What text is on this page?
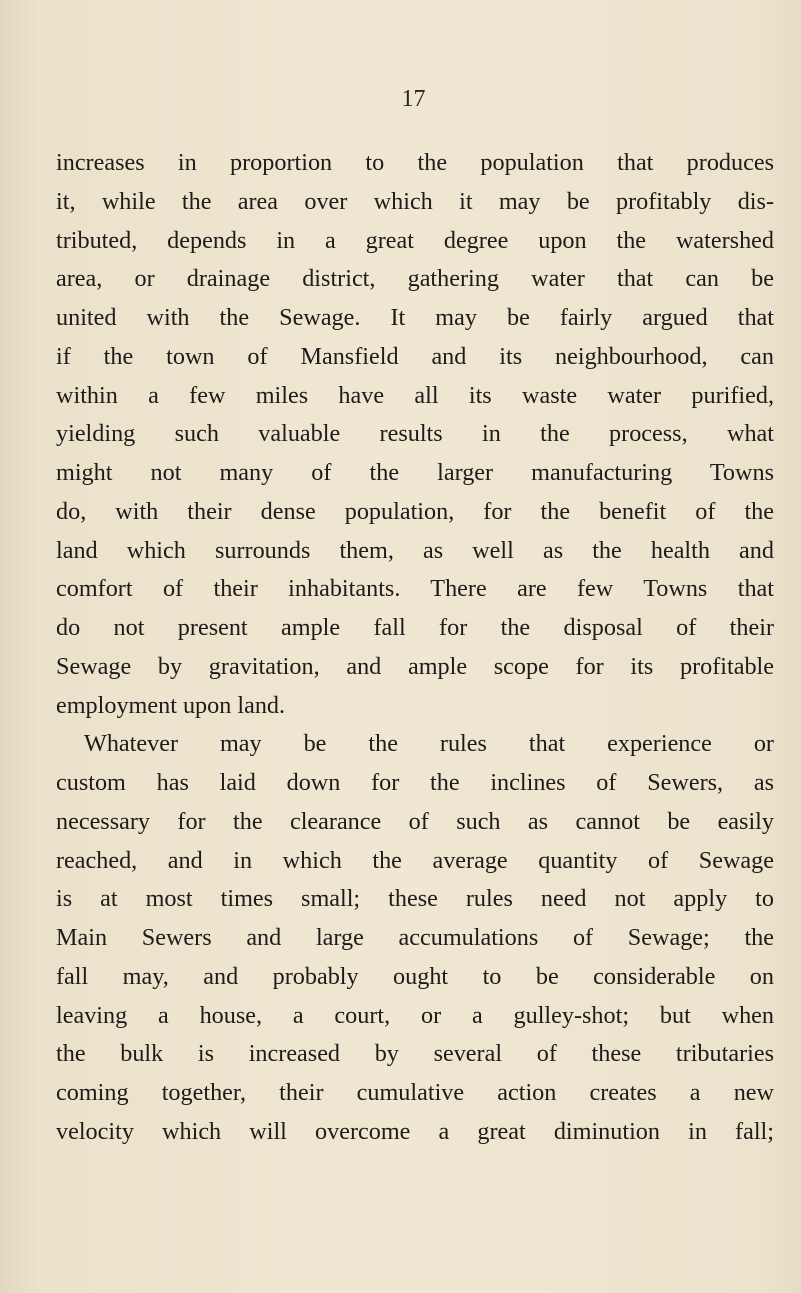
17
increases in proportion to the population that produces
it, while the area over which it may be profitably dis-
tributed, depends in a great degree upon the watershed
area, or drainage district, gathering water that can be
united with the Sewage. It may be fairly argued that
if the town of Mansfield and its neighbourhood, can
within a few miles have all its waste water purified,
yielding such valuable results in the process, what
might not many of the larger manufacturing Towns
do, with their dense population, for the benefit of the
land which surrounds them, as well as the health and
comfort of their inhabitants. There are few Towns that
do not present ample fall for the disposal of their
Sewage by gravitation, and ample scope for its profitable
employment upon land.
Whatever may be the rules that experience or
custom has laid down for the inclines of Sewers, as
necessary for the clearance of such as cannot be easily
reached, and in which the average quantity of Sewage
is at most times small; these rules need not apply to
Main Sewers and large accumulations of Sewage; the
fall may, and probably ought to be considerable on
leaving a house, a court, or a gulley-shot; but when
the bulk is increased by several of these tributaries
coming together, their cumulative action creates a new
velocity which will overcome a great diminution in fall;
